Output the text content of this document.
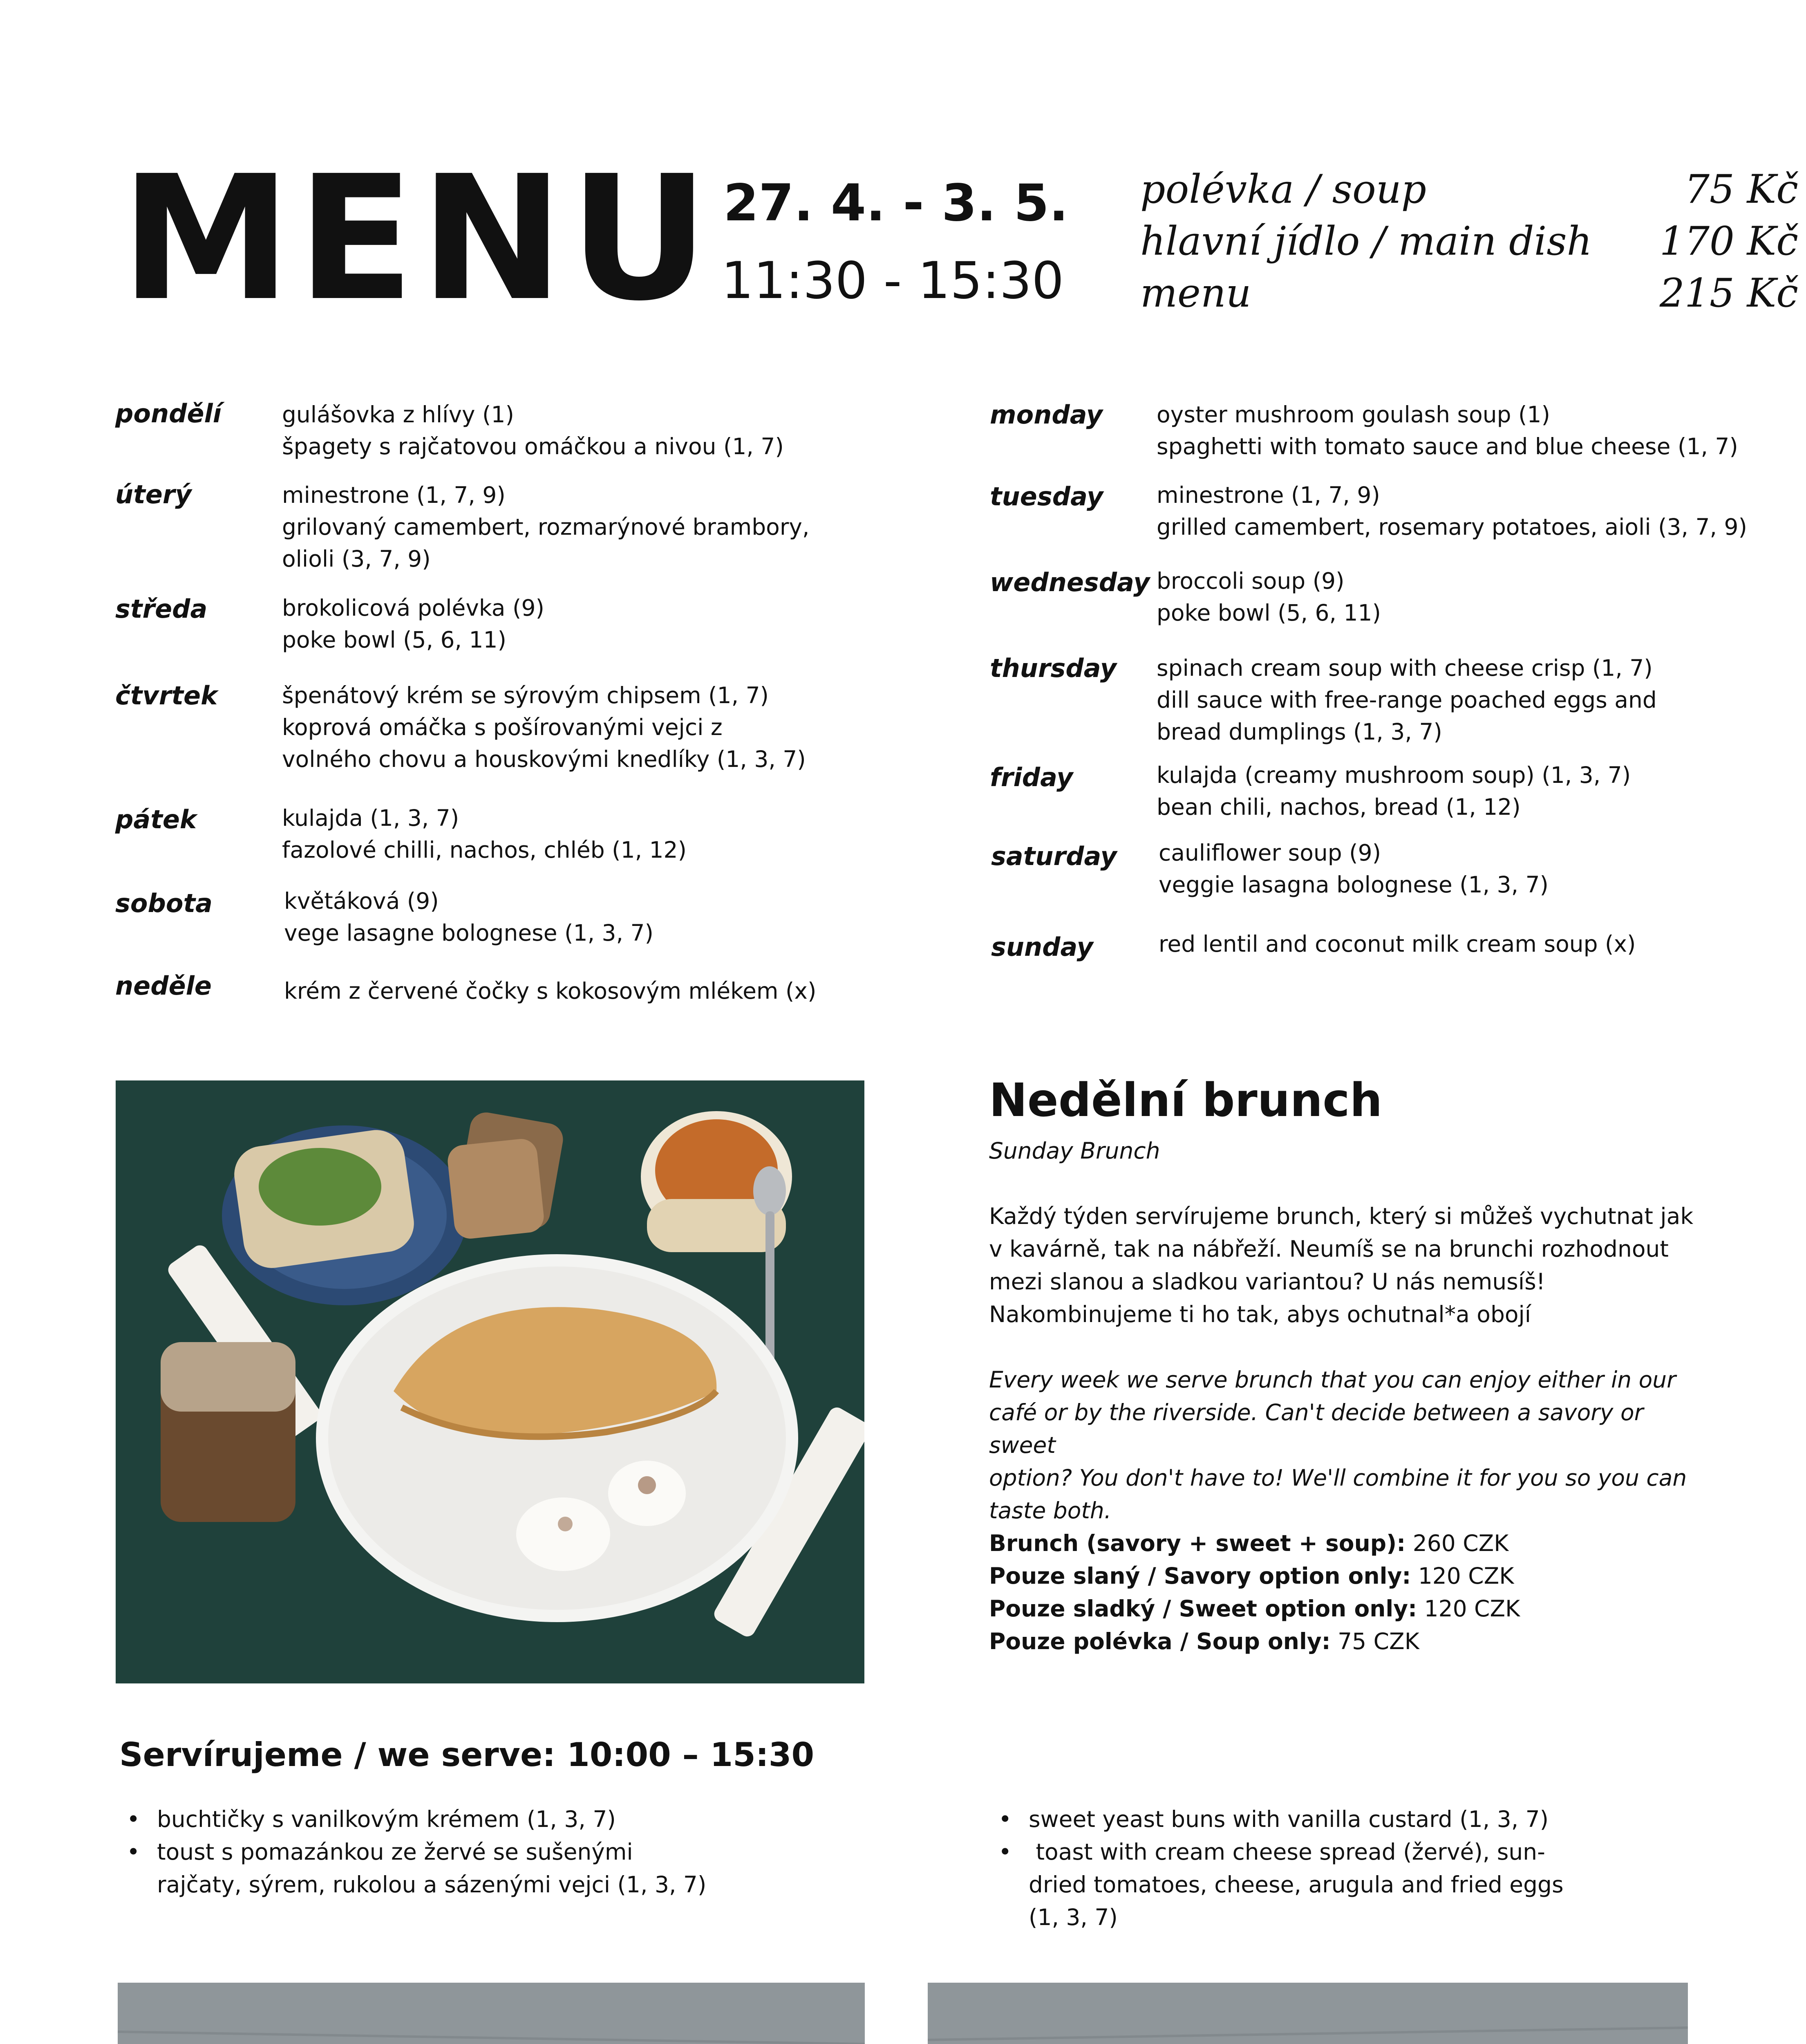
MENU 27. 4. - 3. 5.
11:30 - 15:30
polévka / soup	75 Kč
hlavní jídlo / main dish 170 Kč
menu	215 Kč
pondělí	gulášovka z hlívy (1)
špagety s rajčatovou omáčkou a nivou (1, 7)
úterý	minestrone (1, 7, 9)
grilovaný camembert, rozmarýnové brambory,
olioli (3, 7, 9)
středa	brokolicová polévka (9)
poke bowl (5, 6, 11)
čtvrtek	špenátový krém se sýrovým chipsem (1, 7)
koprová omáčka s pošírovanými vejci z
volného chovu a houskovými knedlíky (1, 3, 7)
pátek	kulajda (1, 3, 7)
fazolové chilli, nachos, chléb (1, 12)
sobota	květáková (9)
vege lasagne bolognese (1, 3, 7)
neděle	krém z červené čočky s kokosovým mlékem (x)
monday oyster mushroom goulash soup (1)
spaghetti with tomato sauce and blue cheese (1, 7)
tuesday minestrone (1, 7, 9)
grilled camembert, rosemary potatoes, aioli (3, 7, 9)
wednesday broccoli soup (9)
poke bowl (5, 6, 11)
thursday spinach cream soup with cheese crisp (1, 7)
dill sauce with free-range poached eggs and
bread dumplings (1, 3, 7)
friday	kulajda (creamy mushroom soup) (1, 3, 7)
bean chili, nachos, bread (1, 12)
saturday cauliflower soup (9)
veggie lasagna bolognese (1, 3, 7)
sunday	red lentil and coconut milk cream soup (x)
Nedělní brunch
Sunday Brunch
Každý týden servírujeme brunch, který si můžeš vychutnat jak
v kavárně, tak na nábřeží. Neumíš se na brunchi rozhodnout
mezi slanou a sladkou variantou? U nás nemusíš!
Nakombinujeme ti ho tak, abys ochutnal*a obojí
Every week we serve brunch that you can enjoy either in our
café or by the riverside. Can't decide between a savory or sweet
option? You don't have to! We'll combine it for you so you can
taste both.
Brunch (savory + sweet + soup): 260 CZK
Pouze slaný / Savory option only: 120 CZK
Pouze sladký / Sweet option only: 120 CZK
Pouze polévka / Soup only: 75 CZK
Servírujeme / we serve: 10:00 – 15:30
• buchtičky s vanilkovým krémem (1, 3, 7)
• toust s pomazánkou ze žervé se sušenými
rajčaty, sýrem, rukolou a sázenými vejci (1, 3, 7)
• sweet yeast buns with vanilla custard (1, 3, 7)
•  toast with cream cheese spread (žervé), sun-
dried tomatoes, cheese, arugula and fried eggs
(1, 3, 7)
